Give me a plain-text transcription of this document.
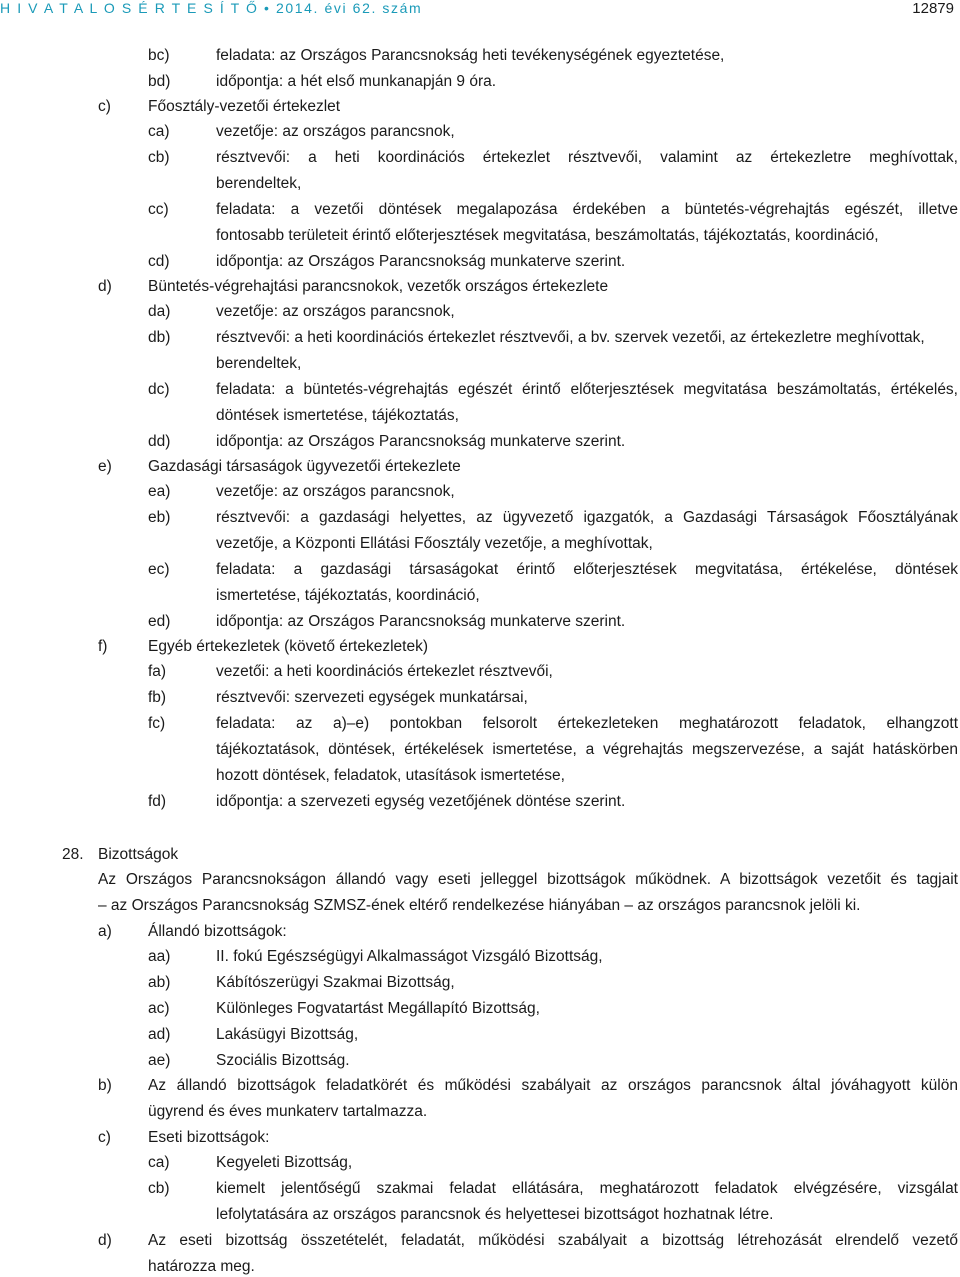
H I V A T A L O S É R T E S Í T Ő • 2014. évi 62. szám	12879
bc)	feladata: az Országos Parancsnokság heti tevékenységének egyeztetése,
bd)	időpontja: a hét első munkanapján 9 óra.
c) Főosztály-vezetői értekezlet
ca)	vezetője: az országos parancsnok,
cb)	résztvevői: a heti koordinációs értekezlet résztvevői, valamint az értekezletre meghívottak,
berendeltek,
cc)	feladata: a vezetői döntések megalapozása érdekében a büntetés-végrehajtás egészét, illetve
fontosabb területeit érintő előterjesztések megvitatása, beszámoltatás, tájékoztatás, koordináció,
cd)	időpontja: az Országos Parancsnokság munkaterve szerint.
d) Büntetés-végrehajtási parancsnokok, vezetők országos értekezlete
da)	vezetője: az országos parancsnok,
db)	résztvevői: a heti koordinációs értekezlet résztvevői, a bv. szervek vezetői, az értekezletre meghívottak,
berendeltek,
dc)	feladata: a büntetés-végrehajtás egészét érintő előterjesztések megvitatása beszámoltatás, értékelés,
döntések ismertetése, tájékoztatás,
dd)	időpontja: az Országos Parancsnokság munkaterve szerint.
e) Gazdasági társaságok ügyvezetői értekezlete
ea)	vezetője: az országos parancsnok,
eb)	résztvevői: a gazdasági helyettes, az ügyvezető igazgatók, a Gazdasági Társaságok Főosztályának
vezetője, a Központi Ellátási Főosztály vezetője, a meghívottak,
ec)	feladata: a gazdasági társaságokat érintő előterjesztések megvitatása, értékelése, döntések
ismertetése, tájékoztatás, koordináció,
ed)	időpontja: az Országos Parancsnokság munkaterve szerint.
f)	Egyéb értekezletek (követő értekezletek)
fa)	vezetői: a heti koordinációs értekezlet résztvevői,
fb)	résztvevői: szervezeti egységek munkatársai,
fc)	feladata: az a)‒e) pontokban felsorolt értekezleteken meghatározott feladatok, elhangzott
tájékoztatások, döntések, értékelések ismertetése, a végrehajtás megszervezése, a saját hatáskörben
hozott döntések, feladatok, utasítások ismertetése,
fd)	időpontja: a szervezeti egység vezetőjének döntése szerint.
28. Bizottságok
Az Országos Parancsnokságon állandó vagy eseti jelleggel bizottságok működnek. A bizottságok vezetőit és tagjait
‒ az Országos Parancsnokság SZMSZ-ének eltérő rendelkezése hiányában ‒ az országos parancsnok jelöli ki.
a) Állandó bizottságok:
aa)	II. fokú Egészségügyi Alkalmasságot Vizsgáló Bizottság,
ab)	Kábítószerügyi Szakmai Bizottság,
ac)	Különleges Fogvatartást Megállapító Bizottság,
ad)	Lakásügyi Bizottság,
ae)	Szociális Bizottság.
b) Az állandó bizottságok feladatkörét és működési szabályait az országos parancsnok által jóváhagyott külön
ügyrend és éves munkaterv tartalmazza.
c) Eseti bizottságok:
ca)	Kegyeleti Bizottság,
cb)	kiemelt jelentőségű szakmai feladat ellátására, meghatározott feladatok elvégzésére, vizsgálat
lefolytatására az országos parancsnok és helyettesei bizottságot hozhatnak létre.
d) Az eseti bizottság összetételét, feladatát, működési szabályait a bizottság létrehozását elrendelő vezető
határozza meg.
